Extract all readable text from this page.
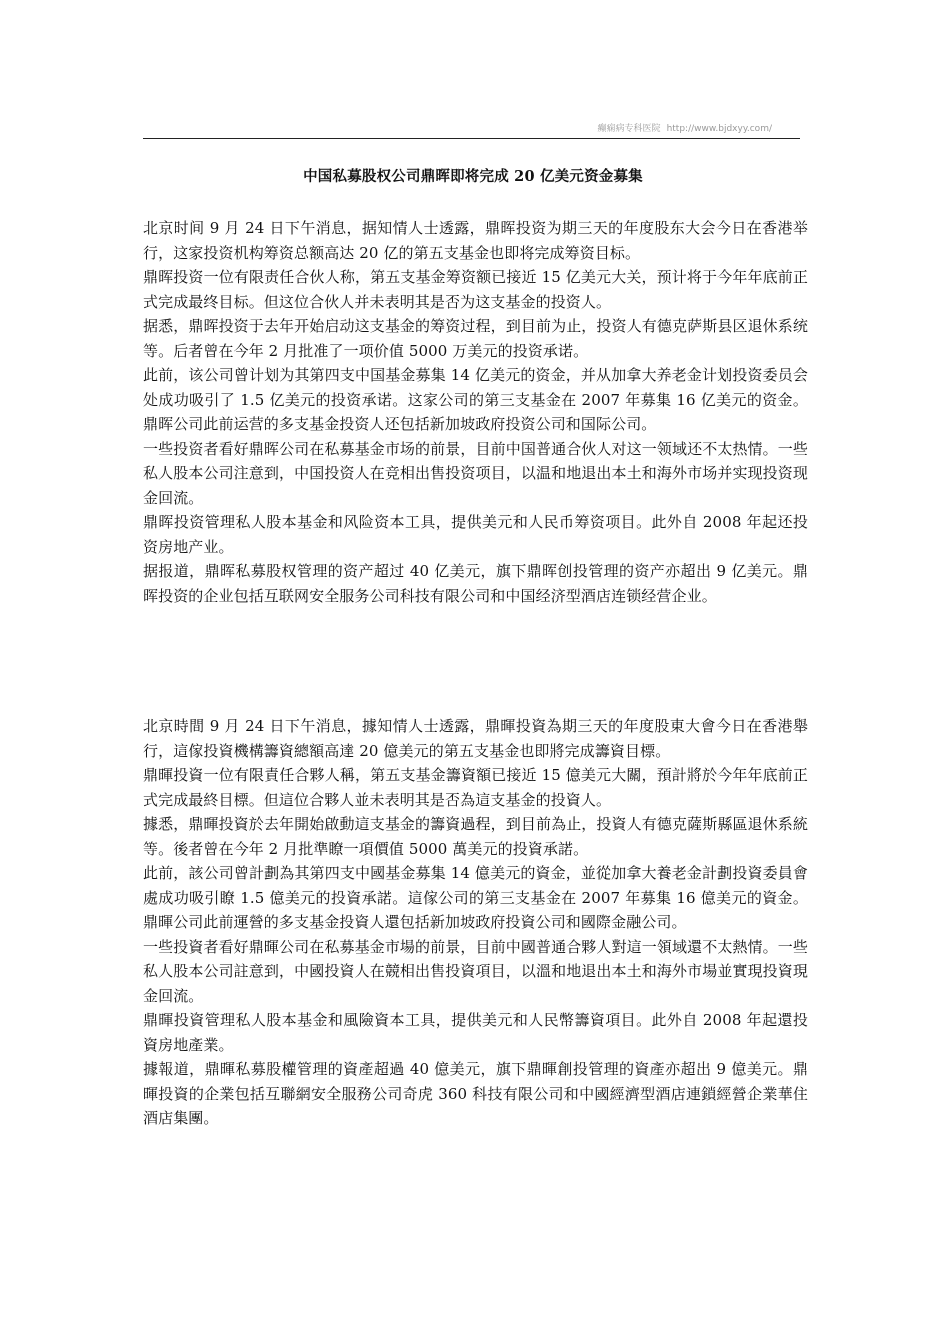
癫痫病专科医院 http://www.bjdxyy.com/
中国私募股权公司鼎晖即将完成 20 亿美元资金募集

北京时间 9 月 24 日下午消息，据知情人士透露，鼎晖投资为期三天的年度股东大会今日在香港举行，这家投资机构筹资总额高达 20 亿的第五支基金也即将完成筹资目标。

鼎晖投资一位有限责任合伙人称，第五支基金筹资额已接近 15 亿美元大关，预计将于今年年底前正式完成最终目标。但这位合伙人并未表明其是否为这支基金的投资人。

据悉，鼎晖投资于去年开始启动这支基金的筹资过程，到目前为止，投资人有德克萨斯县区退休系统等。后者曾在今年 2 月批准了一项价值 5000 万美元的投资承诺。

此前，该公司曾计划为其第四支中国基金募集 14 亿美元的资金，并从加拿大养老金计划投资委员会处成功吸引了 1.5 亿美元的投资承诺。这家公司的第三支基金在 2007 年募集 16 亿美元的资金。鼎晖公司此前运营的多支基金投资人还包括新加坡政府投资公司和国际公司。

一些投资者看好鼎晖公司在私募基金市场的前景，目前中国普通合伙人对这一领域还不太热情。一些私人股本公司注意到，中国投资人在竞相出售投资项目，以温和地退出本土和海外市场并实现投资现金回流。

鼎晖投资管理私人股本基金和风险资本工具，提供美元和人民币筹资项目。此外自 2008 年起还投资房地产业。

据报道，鼎晖私募股权管理的资产超过 40 亿美元，旗下鼎晖创投管理的资产亦超出 9 亿美元。鼎晖投资的企业包括互联网安全服务公司科技有限公司和中国经济型酒店连锁经营企业。

北京時間 9 月 24 日下午消息，據知情人士透露，鼎暉投資為期三天的年度股東大會今日在香港舉行，這傢投資機構籌資總額高達 20 億美元的第五支基金也即將完成籌資目標。

鼎暉投資一位有限責任合夥人稱，第五支基金籌資額已接近 15 億美元大關，預計將於今年年底前正式完成最終目標。但這位合夥人並未表明其是否為這支基金的投資人。

據悉，鼎暉投資於去年開始啟動這支基金的籌資過程，到目前為止，投資人有德克薩斯縣區退休系統等。後者曾在今年 2 月批準瞭一項價值 5000 萬美元的投資承諾。

此前，該公司曾計劃為其第四支中國基金募集 14 億美元的資金，並從加拿大養老金計劃投資委員會處成功吸引瞭 1.5 億美元的投資承諾。這傢公司的第三支基金在 2007 年募集 16 億美元的資金。鼎暉公司此前運營的多支基金投資人還包括新加坡政府投資公司和國際金融公司。

一些投資者看好鼎暉公司在私募基金市場的前景，目前中國普通合夥人對這一領域還不太熱情。一些私人股本公司註意到，中國投資人在競相出售投資項目，以溫和地退出本土和海外市場並實現投資現金回流。

鼎暉投資管理私人股本基金和風險資本工具，提供美元和人民幣籌資項目。此外自 2008 年起還投資房地產業。

據報道，鼎暉私募股權管理的資產超過 40 億美元，旗下鼎暉創投管理的資產亦超出 9 億美元。鼎暉投資的企業包括互聯網安全服務公司奇虎 360 科技有限公司和中國經濟型酒店連鎖經營企業華住酒店集團。
